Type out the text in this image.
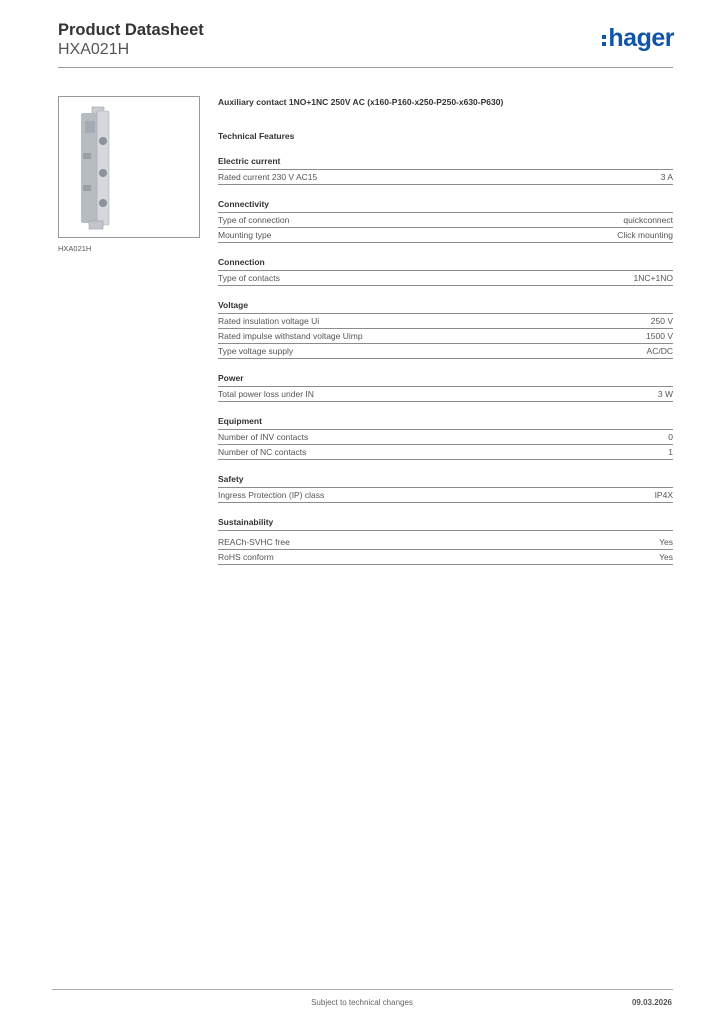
Product Datasheet
HXA021H	hager
HXA021H
Auxiliary contact 1NO+1NC 250V AC (x160-P160-x250-P250-x630-P630)
Technical Features
Electric current
Rated current 230 V AC15	3 A
Connectivity
Type of connection	quickconnect
Mounting type	Click mounting
Connection
Type of contacts	1NC+1NO
Voltage
Rated insulation voltage Ui	250 V
Rated impulse withstand voltage Uimp	1500 V
Type voltage supply	AC/DC
Power
Total power loss under IN	3 W
Equipment
Number of INV contacts	0
Number of NC contacts	1
Safety
Ingress Protection (IP) class	IP4X
Sustainability
REACh-SVHC free	Yes
RoHS conform	Yes
Subject to technical changes	09.03.2026
